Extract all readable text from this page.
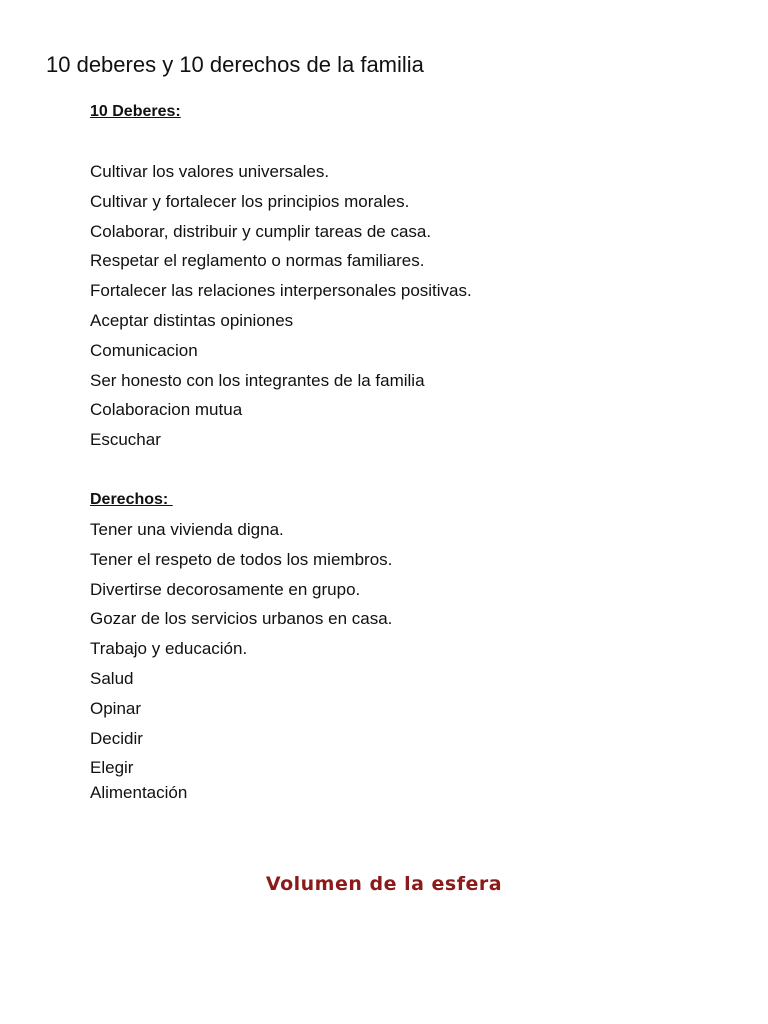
10 deberes y 10 derechos de la familia

10 Deberes:

Cultivar los valores universales.
Cultivar y fortalecer los principios morales.
Colaborar, distribuir y cumplir tareas de casa.
Respetar el reglamento o normas familiares.
Fortalecer las relaciones interpersonales positivas.
Aceptar distintas opiniones
Comunicacion
Ser honesto con los integrantes de la familia
Colaboracion mutua
Escuchar

Derechos:

Tener una vivienda digna.
Tener el respeto de todos los miembros.
Divertirse decorosamente en grupo.
Gozar de los servicios urbanos en casa.
Trabajo y educación.
Salud
Opinar
Decidir
Elegir
Alimentación
Volumen de la esfera
